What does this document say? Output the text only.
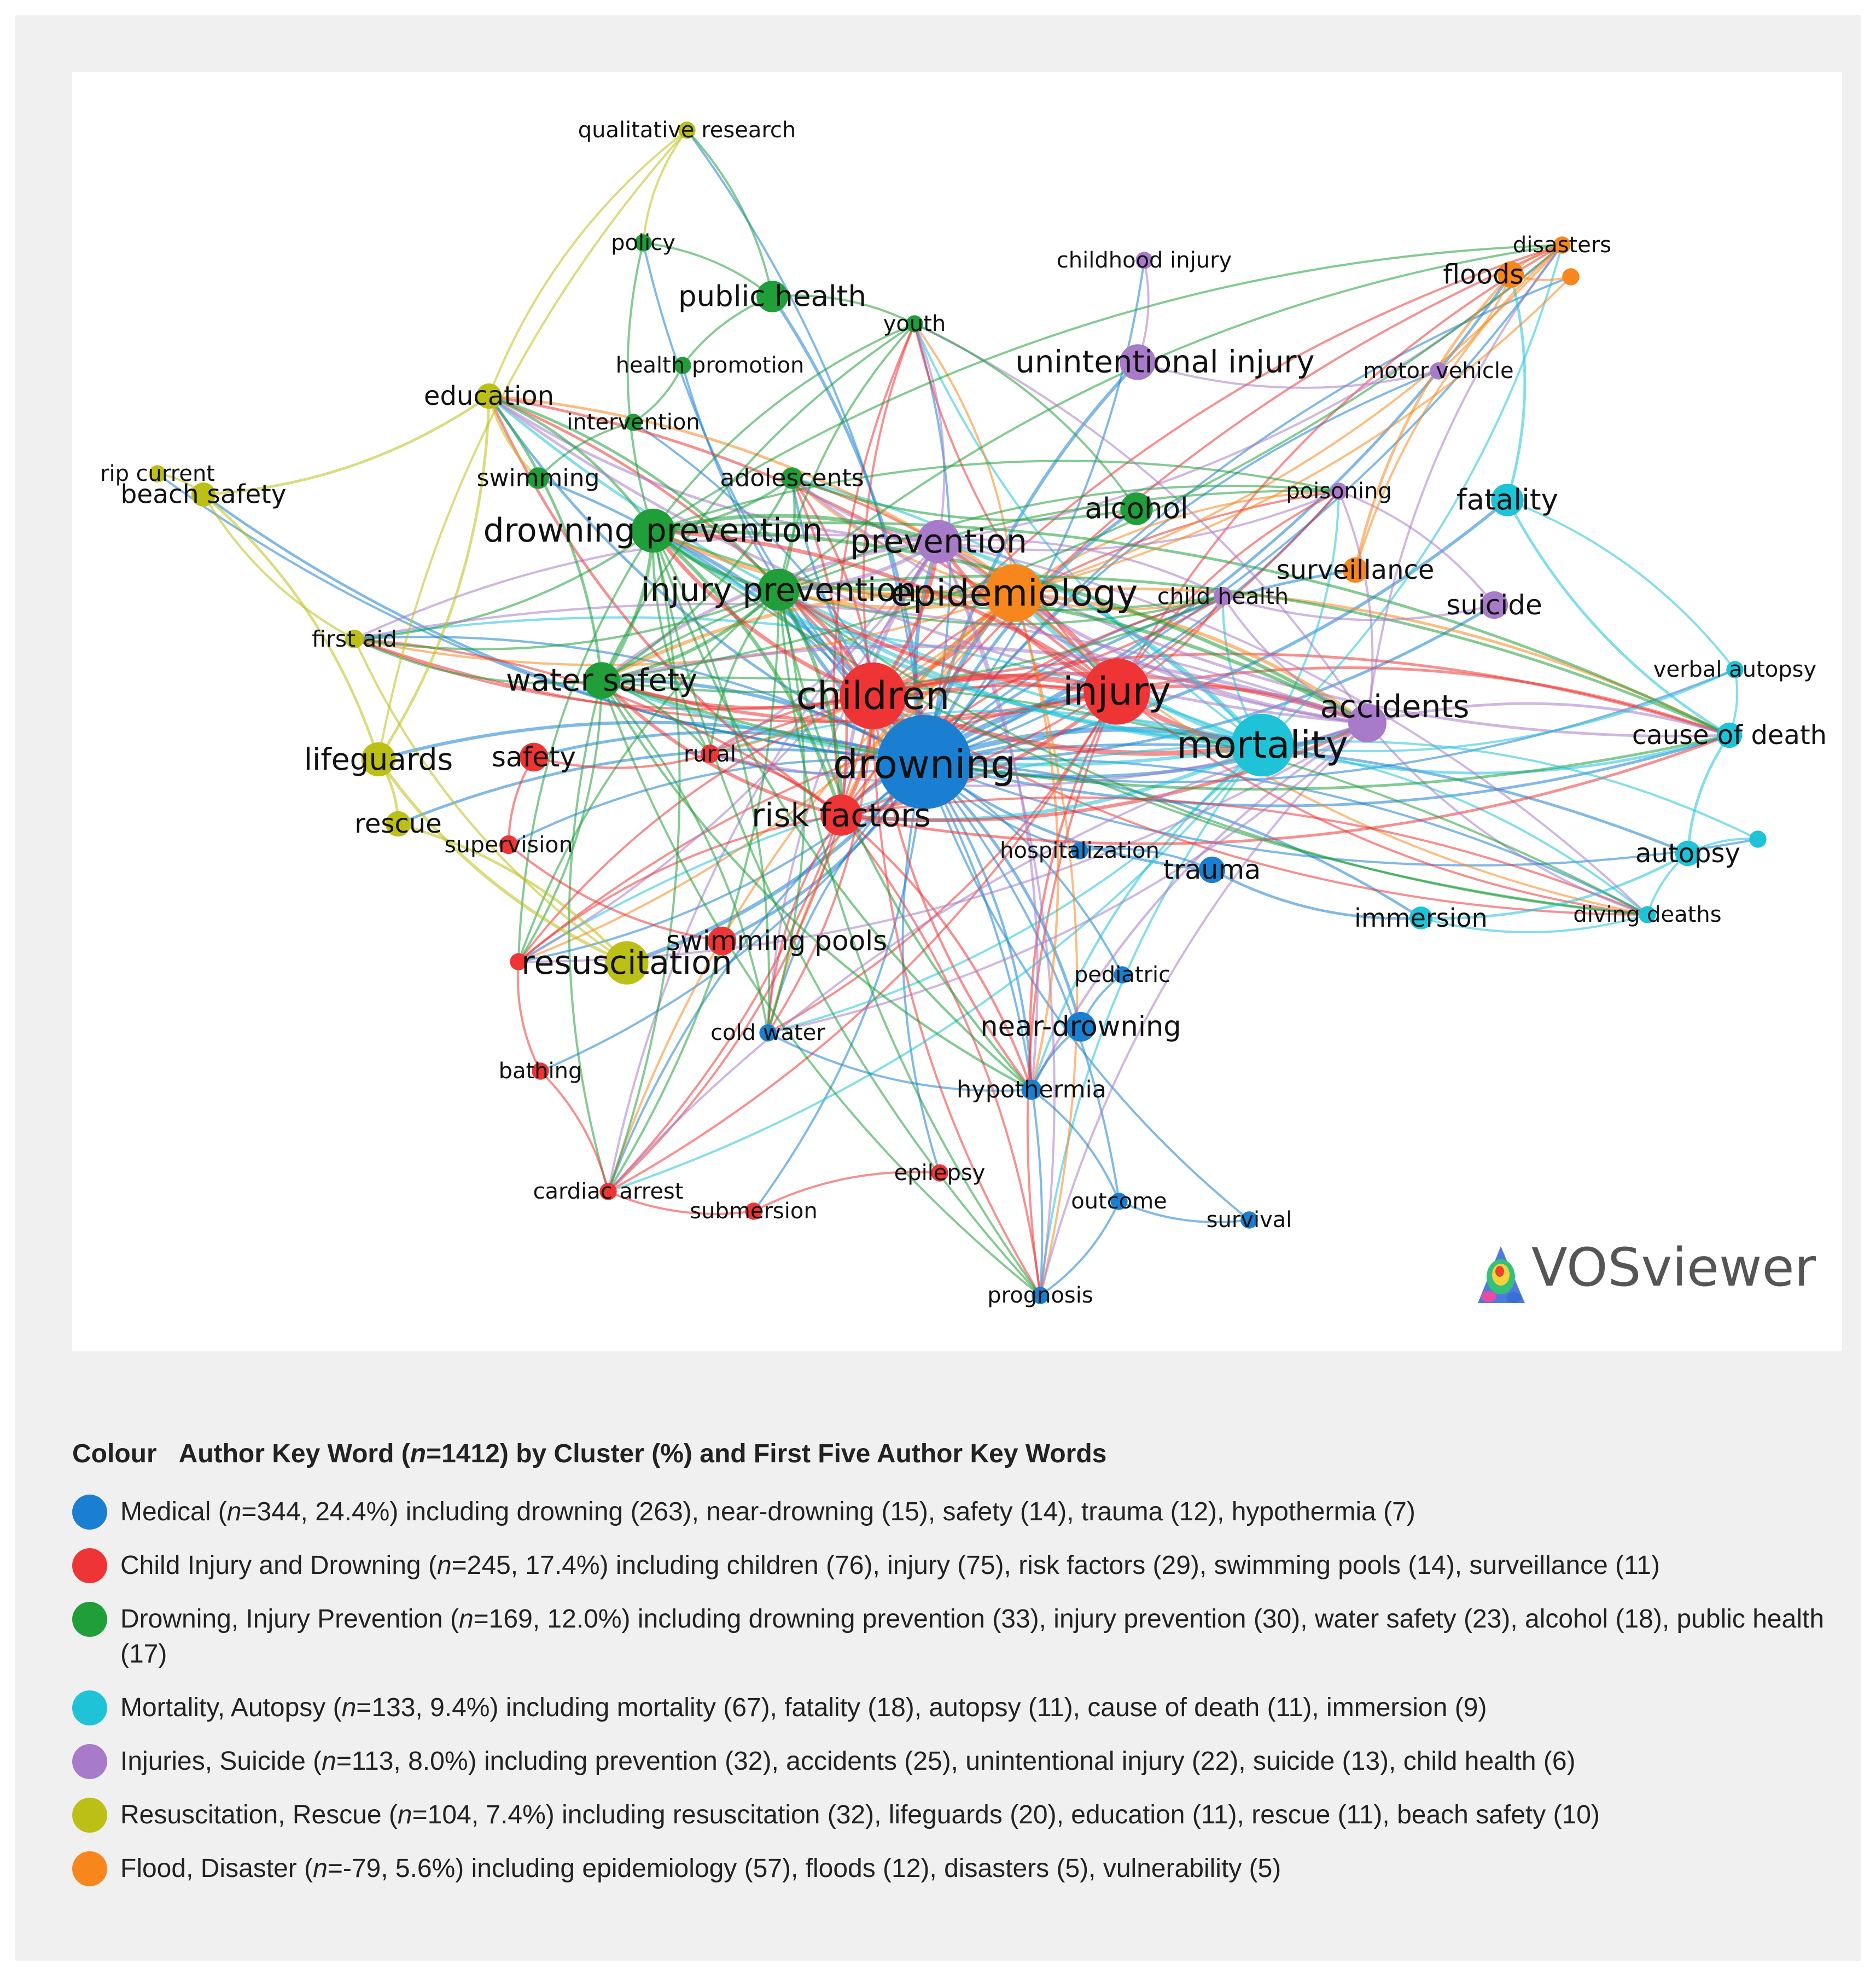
drowning
near-drowning
trauma
hypothermia
hospitalization
pediatric
cold water
outcome
survival
prognosis
children	injury
risk factors
swimming pools
safety	rural
supervision
bathing
cardiac arrest
submersion
epilepsy
drowning prevention
injury prevention
water safety
alcohol
public health
adolescents
swimming
policy
youth
health promotion
intervention
mortality
fatality
autopsy
cause of death
immersion
verbal autopsy
diving deaths
prevention
accidents
unintentional injury
suicide
child health
childhood injury
motor vehicle
poisoning
resuscitation
lifeguards
education
rescue
beach safety
first aid
rip current
qualitative research
epidemiology
floods
surveillance
disasters
VOSviewer
Colour Author Key Word (n=1412) by Cluster (%) and First Five Author Key Words
Medical (n=344, 24.4%) including drowning (263), near-drowning (15), safety (14), trauma (12), hypothermia (7)
Child Injury and Drowning (n=245, 17.4%) including children (76), injury (75), risk factors (29), swimming pools (14), surveillance (11)
Drowning, Injury Prevention (n=169, 12.0%) including drowning prevention (33), injury prevention (30), water safety (23), alcohol (18), public health (17)
Mortality, Autopsy (n=133, 9.4%) including mortality (67), fatality (18), autopsy (11), cause of death (11), immersion (9)
Injuries, Suicide (n=113, 8.0%) including prevention (32), accidents (25), unintentional injury (22), suicide (13), child health (6)
Resuscitation, Rescue (n=104, 7.4%) including resuscitation (32), lifeguards (20), education (11), rescue (11), beach safety (10)
Flood, Disaster (n=-79, 5.6%) including epidemiology (57), floods (12), disasters (5), vulnerability (5)
